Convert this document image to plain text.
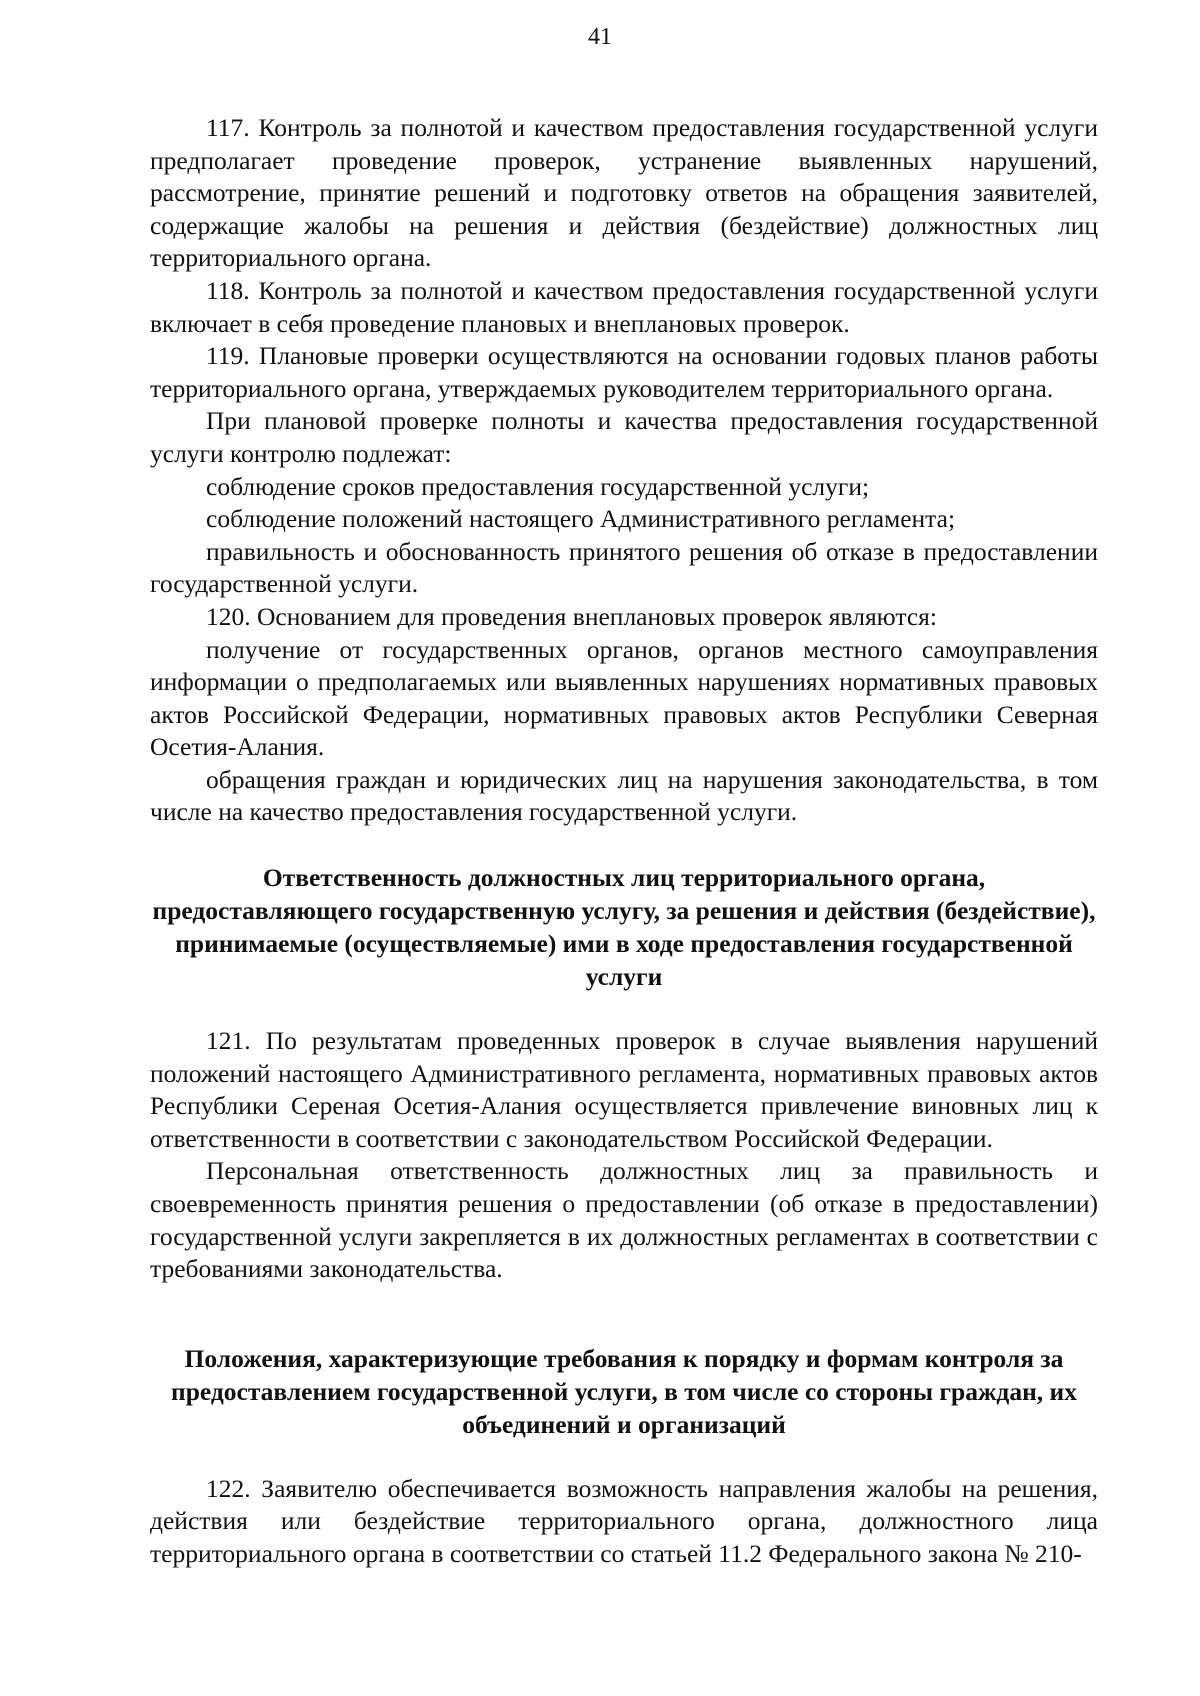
41

117. Контроль за полнотой и качеством предоставления государственной услуги предполагает проведение проверок, устранение выявленных нарушений, рассмотрение, принятие решений и подготовку ответов на обращения заявителей, содержащие жалобы на решения и действия (бездействие) должностных лиц территориального органа.

118. Контроль за полнотой и качеством предоставления государственной услуги включает в себя проведение плановых и внеплановых проверок.

119. Плановые проверки осуществляются на основании годовых планов работы территориального органа, утверждаемых руководителем территориального органа.

При плановой проверке полноты и качества предоставления государственной услуги контролю подлежат:

соблюдение сроков предоставления государственной услуги;

соблюдение положений настоящего Административного регламента;

правильность и обоснованность принятого решения об отказе в предоставлении государственной услуги.

120. Основанием для проведения внеплановых проверок являются:

получение от государственных органов, органов местного самоуправления информации о предполагаемых или выявленных нарушениях нормативных правовых актов Российской Федерации, нормативных правовых актов Республики Северная Осетия-Алания.

обращения граждан и юридических лиц на нарушения законодательства, в том числе на качество предоставления государственной услуги.

Ответственность должностных лиц территориального органа, предоставляющего государственную услугу, за решения и действия (бездействие), принимаемые (осуществляемые) ими в ходе предоставления государственной услуги

121. По результатам проведенных проверок в случае выявления нарушений положений настоящего Административного регламента, нормативных правовых актов Республики Сереная Осетия-Алания осуществляется привлечение виновных лиц к ответственности в соответствии с законодательством Российской Федерации.

Персональная ответственность должностных лиц за правильность и своевременность принятия решения о предоставлении (об отказе в предоставлении) государственной услуги закрепляется в их должностных регламентах в соответствии с требованиями законодательства.

Положения, характеризующие требования к порядку и формам контроля за предоставлением государственной услуги, в том числе со стороны граждан, их объединений и организаций

122. Заявителю обеспечивается возможность направления жалобы на решения, действия или бездействие территориального органа, должностного лица территориального органа в соответствии со статьей 11.2 Федерального закона № 210-
